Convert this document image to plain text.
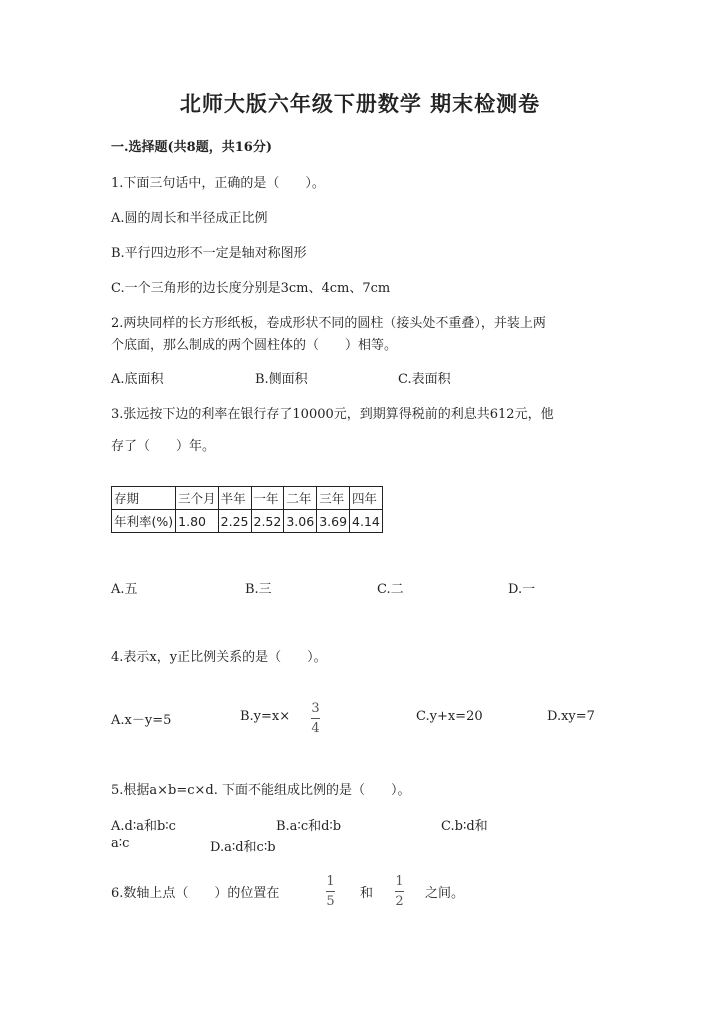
北师大版六年级下册数学 期末检测卷
一.选择题(共8题，共16分)
1.下面三句话中，正确的是（　　）。
A.圆的周长和半径成正比例
B.平行四边形不一定是轴对称图形
C.一个三角形的边长度分别是3cm、4cm、7cm
2.两块同样的长方形纸板，卷成形状不同的圆柱（接头处不重叠），并装上两
个底面，那么制成的两个圆柱体的（　　）相等。
A.底面积	B.侧面积	C.表面积
3.张远按下边的利率在银行存了10000元，到期算得税前的利息共612元，他
存了（　　）年。
存期	三个月	半年	一年	二年	三年	四年
年利率(%)	1.80	2.25	2.52	3.06	3.69	4.14
A.五	B.三	C.二	D.一
4.表示x，y正比例关系的是（　　）。
A.x－y=5	B.y=x×
3
4
C.y+x=20	D.xy=7
5.根据a×b=c×d. 下面不能组成比例的是（　　）。
A.d∶a和b∶c	B.a∶c和d∶b	C.b∶d和
a∶c	D.a∶d和c∶b
6.数轴上点（　　）的位置在
1
5
和
1
2
之间。
